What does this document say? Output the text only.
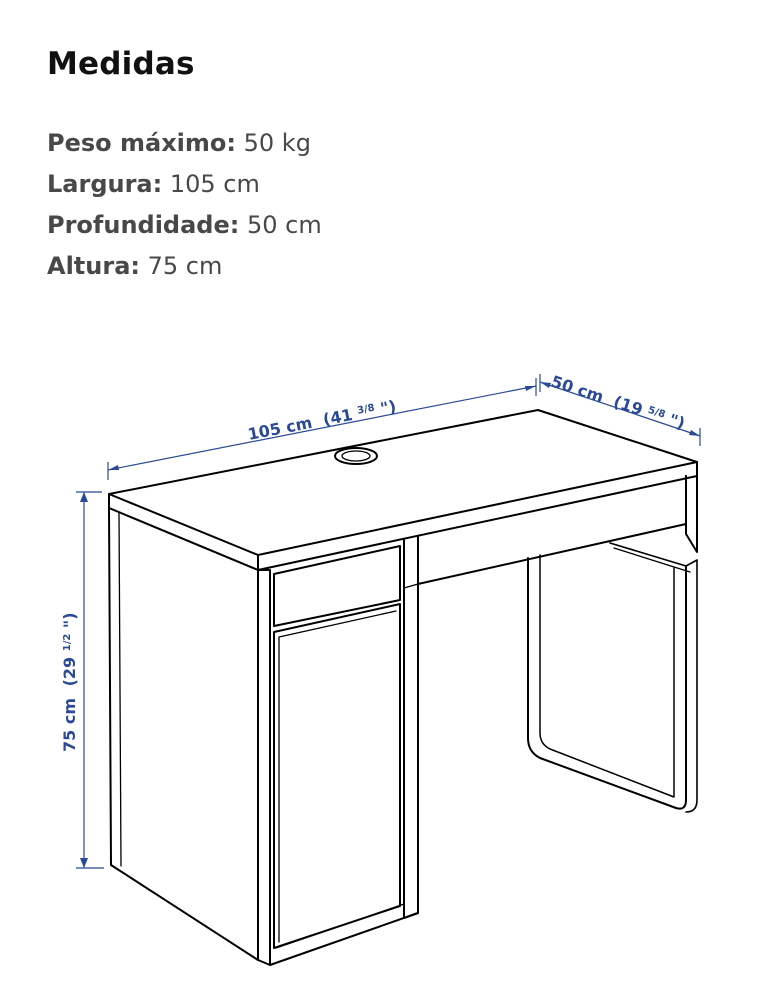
Medidas
Peso máximo: 50 kg
Largura: 105 cm
Profundidade: 50 cm
Altura: 75 cm
105 cm (41 $^{3/8}$ ")
50 cm (19 $^{5/8}$ ")
75 cm (29 $^{1/2}$ ")
